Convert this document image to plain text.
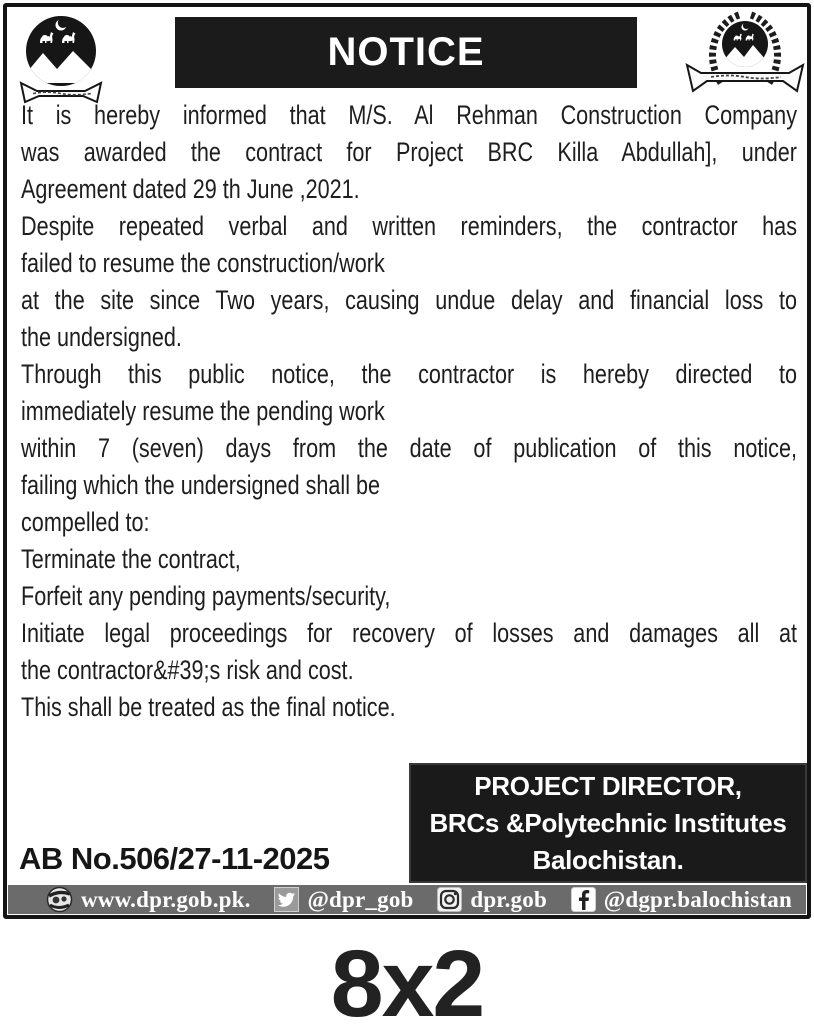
NOTICE
It is hereby informed that M/S. Al Rehman Construction Company
was awarded the contract for Project BRC Killa Abdullah], under
Agreement dated 29 th June ,2021.
Despite repeated verbal and written reminders, the contractor has
failed to resume the construction/work
at the site since Two years, causing undue delay and financial loss to
the undersigned.
Through this public notice, the contractor is hereby directed to
immediately resume the pending work
within 7 (seven) days from the date of publication of this notice,
failing which the undersigned shall be
compelled to:
Terminate the contract,
Forfeit any pending payments/security,
Initiate legal proceedings for recovery of losses and damages all at
the contractor&#39;s risk and cost.
This shall be treated as the final notice.
AB No.506/27-11-2025
PROJECT DIRECTOR,
BRCs &Polytechnic Institutes
Balochistan.
www.dpr.gob.pk. @dpr_gob dpr.gob @dgpr.balochistan
8x2
